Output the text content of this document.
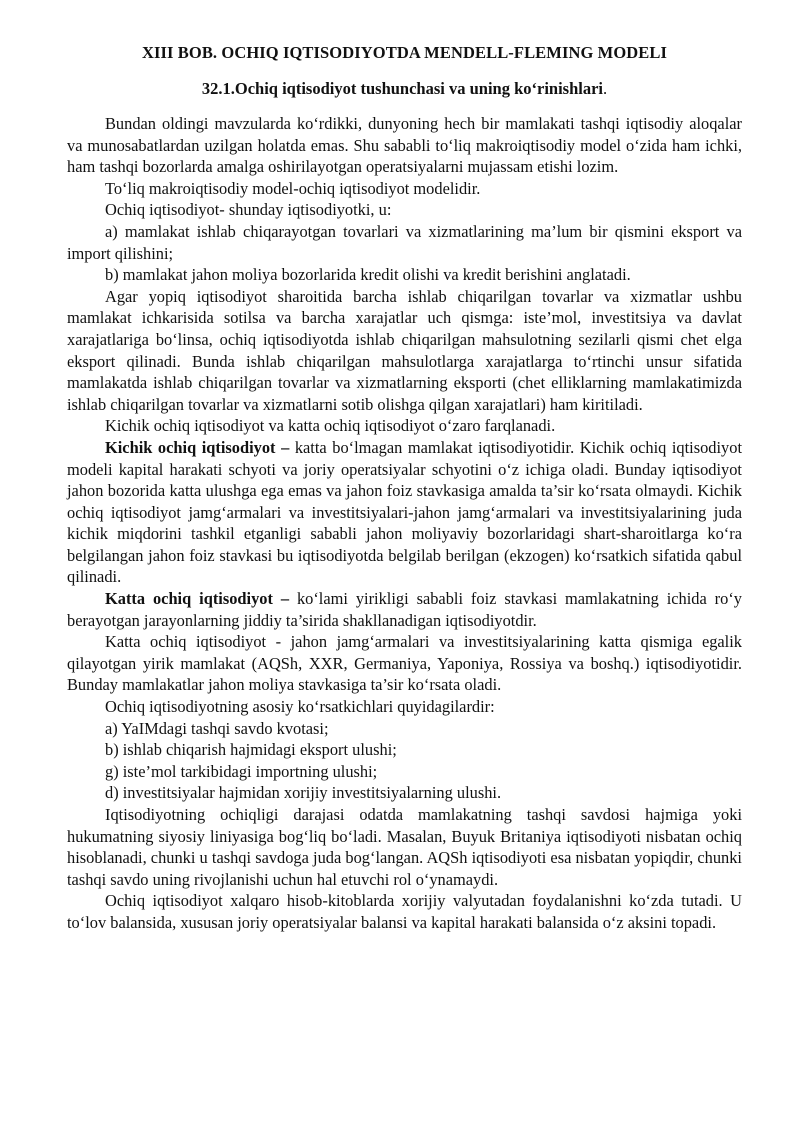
XIII BOB. OCHIQ IQTISODIYOTDA MENDELL-FLEMING MODELI
32.1.Ochiq iqtisodiyot tushunchasi va uning ko‘rinishlari.

Bundan oldingi mavzularda ko‘rdikki, dunyoning hech bir mamlakati tashqi iqtisodiy aloqalar va munosabatlardan uzilgan holatda emas. Shu sababli to‘liq makroiqtisodiy model o‘zida ham ichki, ham tashqi bozorlarda amalga oshirilayotgan operatsiyalarni mujassam etishi lozim.

To‘liq makroiqtisodiy model-ochiq iqtisodiyot modelidir.

Ochiq iqtisodiyot- shunday iqtisodiyotki, u:

a) mamlakat ishlab chiqarayotgan tovarlari va xizmatlarining ma’lum bir qismini eksport va import qilishini;

b) mamlakat jahon moliya bozorlarida kredit olishi va kredit berishini anglatadi.

Agar yopiq iqtisodiyot sharoitida barcha ishlab chiqarilgan tovarlar va xizmatlar ushbu mamlakat ichkarisida sotilsa va barcha xarajatlar uch qismga: iste’mol, investitsiya va davlat xarajatlariga bo‘linsa, ochiq iqtisodiyotda ishlab chiqarilgan mahsulotning sezilarli qismi chet elga eksport qilinadi. Bunda ishlab chiqarilgan mahsulotlarga xarajatlarga to‘rtinchi unsur sifatida mamlakatda ishlab chiqarilgan tovarlar va xizmatlarning eksporti (chet elliklarning mamlakatimizda ishlab chiqarilgan tovarlar va xizmatlarni sotib olishga qilgan xarajatlari) ham kiritiladi.

Kichik ochiq iqtisodiyot va katta ochiq iqtisodiyot o‘zaro farqlanadi.

Kichik ochiq iqtisodiyot – katta bo‘lmagan mamlakat iqtisodiyotidir. Kichik ochiq iqtisodiyot modeli kapital harakati schyoti va joriy operatsiyalar schyotini o‘z ichiga oladi. Bunday iqtisodiyot jahon bozorida katta ulushga ega emas va jahon foiz stavkasiga amalda ta’sir ko‘rsata olmaydi. Kichik ochiq iqtisodiyot jamg‘armalari va investitsiyalari-jahon jamg‘armalari va investitsiyalarining juda kichik miqdorini tashkil etganligi sababli jahon moliyaviy bozorlaridagi shart-sharoitlarga ko‘ra belgilangan jahon foiz stavkasi bu iqtisodiyotda belgilab berilgan (ekzogen) ko‘rsatkich sifatida qabul qilinadi.

Katta ochiq iqtisodiyot – ko‘lami yirikligi sababli foiz stavkasi mamlakatning ichida ro‘y berayotgan jarayonlarning jiddiy ta’sirida shakllanadigan iqtisodiyotdir.

Katta ochiq iqtisodiyot - jahon jamg‘armalari va investitsiyalarining katta qismiga egalik qilayotgan yirik mamlakat (AQSh, XXR, Germaniya, Yaponiya, Rossiya va boshq.) iqtisodiyotidir. Bunday mamlakatlar jahon moliya stavkasiga ta’sir ko‘rsata oladi.

Ochiq iqtisodiyotning asosiy ko‘rsatkichlari quyidagilardir:

a) YaIMdagi tashqi savdo kvotasi;

b) ishlab chiqarish hajmidagi eksport ulushi;

g) iste’mol tarkibidagi importning ulushi;

d) investitsiyalar hajmidan xorijiy investitsiyalarning ulushi.

Iqtisodiyotning ochiqligi darajasi odatda mamlakatning tashqi savdosi hajmiga yoki hukumatning siyosiy liniyasiga bog‘liq bo‘ladi. Masalan, Buyuk Britaniya iqtisodiyoti nisbatan ochiq hisoblanadi, chunki u tashqi savdoga juda bog‘langan. AQSh iqtisodiyoti esa nisbatan yopiqdir, chunki tashqi savdo uning rivojlanishi uchun hal etuvchi rol o‘ynamaydi.

Ochiq iqtisodiyot xalqaro hisob-kitoblarda xorijiy valyutadan foydalanishni ko‘zda tutadi. U to‘lov balansida, xususan joriy operatsiyalar balansi va kapital harakati balansida o‘z aksini topadi.
